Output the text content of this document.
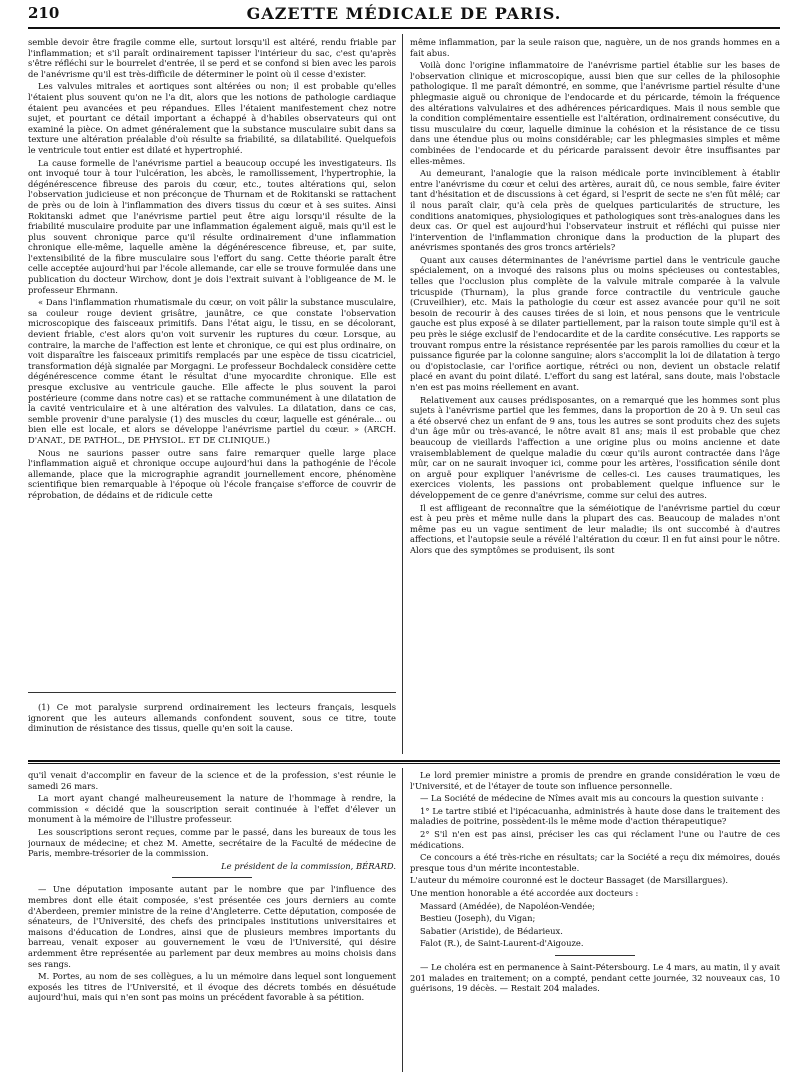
210	GAZETTE MÉDICALE DE PARIS.

semble devoir être fragile comme elle, surtout lorsqu'il est altéré, rendu friable par l'inflammation; et s'il paraît ordinairement tapisser l'intérieur du sac, c'est qu'après s'être réfléchi sur le bourrelet d'entrée, il se perd et se confond si bien avec les parois de l'anévrisme qu'il est très-difficile de déterminer le point où il cesse d'exister.

Les valvules mitrales et aortiques sont altérées ou non; il est probable qu'elles l'étaient plus souvent qu'on ne l'a dit, alors que les notions de pathologie cardiaque étaient peu avancées et peu répandues. Elles l'étaient manifestement chez notre sujet, et pourtant ce détail important a échappé à d'habiles observateurs qui ont examiné la pièce. On admet généralement que la substance musculaire subit dans sa texture une altération préalable d'où résulte sa friabilité, sa dilatabilité. Quelquefois le ventricule tout entier est dilaté et hypertrophié.

La cause formelle de l'anévrisme partiel a beaucoup occupé les investigateurs. Ils ont invoqué tour à tour l'ulcération, les abcès, le ramollissement, l'hypertrophie, la dégénérescence fibreuse des parois du cœur, etc., toutes altérations qui, selon l'observation judicieuse et non préconçue de Thurnam et de Rokitanski se rattachent de près ou de loin à l'inflammation des divers tissus du cœur et à ses suites. Ainsi Rokitanski admet que l'anévrisme partiel peut être aigu lorsqu'il résulte de la friabilité musculaire produite par une inflammation également aiguë, mais qu'il est le plus souvent chronique parce qu'il résulte ordinairement d'une inflammation chronique elle-même, laquelle amène la dégénérescence fibreuse, et, par suite, l'extensibilité de la fibre musculaire sous l'effort du sang. Cette théorie paraît être celle acceptée aujourd'hui par l'école allemande, car elle se trouve formulée dans une publication du docteur Wirchow, dont je dois l'extrait suivant à l'obligeance de M. le professeur Ehrmann.

« Dans l'inflammation rhumatismale du cœur, on voit pâlir la substance musculaire, sa couleur rouge devient grisâtre, jaunâtre, ce que constate l'observation microscopique des faisceaux primitifs. Dans l'état aigu, le tissu, en se décolorant, devient friable, c'est alors qu'on voit survenir les ruptures du cœur. Lorsque, au contraire, la marche de l'affection est lente et chronique, ce qui est plus ordinaire, on voit disparaître les faisceaux primitifs remplacés par une espèce de tissu cicatriciel, transformation déjà signalée par Morgagni. Le professeur Bochdaleck considère cette dégénérescence comme étant le résultat d'une myocardite chronique. Elle est presque exclusive au ventricule gauche. Elle affecte le plus souvent la paroi postérieure (comme dans notre cas) et se rattache communément à une dilatation de la cavité ventriculaire et à une altération des valvules. La dilatation, dans ce cas, semble provenir d'une paralysie (1) des muscles du cœur, laquelle est générale... ou bien elle est locale, et alors se développe l'anévrisme partiel du cœur. » (ARCH. D'ANAT., DE PATHOL., DE PHYSIOL. ET DE CLINIQUE.)

Nous ne saurions passer outre sans faire remarquer quelle large place l'inflammation aiguë et chronique occupe aujourd'hui dans la pathogénie de l'école allemande, place que la micrographie agrandit journellement encore, phénomène scientifique bien remarquable à l'époque où l'école française s'efforce de couvrir de réprobation, de dédains et de ridicule cette

(1) Ce mot paralysie surprend ordinairement les lecteurs français, lesquels ignorent que les auteurs allemands confondent souvent, sous ce titre, toute diminution de résistance des tissus, quelle qu'en soit la cause.

même inflammation, par la seule raison que, naguère, un de nos grands hommes en a fait abus.

Voilà donc l'origine inflammatoire de l'anévrisme partiel établie sur les bases de l'observation clinique et microscopique, aussi bien que sur celles de la philosophie pathologique. Il me paraît démontré, en somme, que l'anévrisme partiel résulte d'une phlegmasie aiguë ou chronique de l'endocarde et du péricarde, témoin la fréquence des altérations valvulaires et des adhérences péricardiques. Mais il nous semble que la condition complémentaire essentielle est l'altération, ordinairement consécutive, du tissu musculaire du cœur, laquelle diminue la cohésion et la résistance de ce tissu dans une étendue plus ou moins considérable; car les phlegmasies simples et même combinées de l'endocarde et du péricarde paraissent devoir être insuffisantes par elles-mêmes.

Au demeurant, l'analogie que la raison médicale porte invinciblement à établir entre l'anévrisme du cœur et celui des artères, aurait dû, ce nous semble, faire éviter tant d'hésitation et de discussions à cet égard, si l'esprit de secte ne s'en fût mêlé; car il nous paraît clair, qu'à cela près de quelques particularités de structure, les conditions anatomiques, physiologiques et pathologiques sont très-analogues dans les deux cas. Or quel est aujourd'hui l'observateur instruit et réfléchi qui puisse nier l'intervention de l'inflammation chronique dans la production de la plupart des anévrismes spontanés des gros troncs artériels?

Quant aux causes déterminantes de l'anévrisme partiel dans le ventricule gauche spécialement, on a invoqué des raisons plus ou moins spécieuses ou contestables, telles que l'occlusion plus complète de la valvule mitrale comparée à la valvule tricuspide (Thurnam), la plus grande force contractile du ventricule gauche (Cruveilhier), etc. Mais la pathologie du cœur est assez avancée pour qu'il ne soit besoin de recourir à des causes tirées de si loin, et nous pensons que le ventricule gauche est plus exposé à se dilater partiellement, par la raison toute simple qu'il est à peu près le siége exclusif de l'endocardite et de la cardite consécutive. Les rapports se trouvant rompus entre la résistance représentée par les parois ramollies du cœur et la puissance figurée par la colonne sanguine; alors s'accomplit la loi de dilatation à tergo ou d'opistoclasie, car l'orifice aortique, rétréci ou non, devient un obstacle relatif placé en avant du point dilaté. L'effort du sang est latéral, sans doute, mais l'obstacle n'en est pas moins réellement en avant.

Relativement aux causes prédisposantes, on a remarqué que les hommes sont plus sujets à l'anévrisme partiel que les femmes, dans la proportion de 20 à 9. Un seul cas a été observé chez un enfant de 9 ans, tous les autres se sont produits chez des sujets d'un âge mûr ou très-avancé, le nôtre avait 81 ans; mais il est probable que chez beaucoup de vieillards l'affection a une origine plus ou moins ancienne et date vraisemblablement de quelque maladie du cœur qu'ils auront contractée dans l'âge mûr, car on ne saurait invoquer ici, comme pour les artères, l'ossification sénile dont on arguë pour expliquer l'anévrisme de celles-ci. Les causes traumatiques, les exercices violents, les passions ont probablement quelque influence sur le développement de ce genre d'anévrisme, comme sur celui des autres.

Il est affligeant de reconnaître que la séméiotique de l'anévrisme partiel du cœur est à peu près et même nulle dans la plupart des cas. Beaucoup de malades n'ont même pas eu un vague sentiment de leur maladie; ils ont succombé à d'autres affections, et l'autopsie seule a révélé l'altération du cœur. Il en fut ainsi pour le nôtre. Alors que des symptômes se produisent, ils sont

qu'il venait d'accomplir en faveur de la science et de la profession, s'est réunie le samedi 26 mars.

La mort ayant changé malheureusement la nature de l'hommage à rendre, la commission « décidé que la souscription serait continuée à l'effet d'élever un monument à la mémoire de l'illustre professeur.

Les souscriptions seront reçues, comme par le passé, dans les bureaux de tous les journaux de médecine; et chez M. Amette, secrétaire de la Faculté de médecine de Paris, membre-trésorier de la commission.

Le président de la commission, BÉRARD.

— Une députation imposante autant par le nombre que par l'influence des membres dont elle était composée, s'est présentée ces jours derniers au comte d'Aberdeen, premier ministre de la reine d'Angleterre. Cette députation, composée de sénateurs, de l'Université, des chefs des principales institutions universitaires et maisons d'éducation de Londres, ainsi que de plusieurs membres importants du barreau, venait exposer au gouvernement le vœu de l'Université, qui désire ardemment être représentée au parlement par deux membres au moins choisis dans ses rangs.

M. Portes, au nom de ses collègues, a lu un mémoire dans lequel sont longuement exposés les titres de l'Université, et il évoque des décrets tombés en désuétude aujourd'hui, mais qui n'en sont pas moins un précédent favorable à sa pétition.

Le lord premier ministre a promis de prendre en grande considération le vœu de l'Université, et de l'étayer de toute son influence personnelle.

— La Société de médecine de Nîmes avait mis au concours la question suivante :

1° Le tartre stibié et l'ipécacuanha, administrés à haute dose dans le traitement des maladies de poitrine, possèdent-ils le même mode d'action thérapeutique?

2° S'il n'en est pas ainsi, préciser les cas qui réclament l'une ou l'autre de ces médications.

Ce concours a été très-riche en résultats; car la Société a reçu dix mémoires, doués presque tous d'un mérite incontestable.

L'auteur du mémoire couronné est le docteur Bassaget (de Marsillargues).

Une mention honorable a été accordée aux docteurs :

Massard (Amédée), de Napoléon-Vendée;

Bestieu (Joseph), du Vigan;

Sabatier (Aristide), de Bédarieux.

Falot (R.), de Saint-Laurent-d'Aigouze.

— Le choléra est en permanence à Saint-Pétersbourg. Le 4 mars, au matin, il y avait 201 malades en traitement; on a compté, pendant cette journée, 32 nouveaux cas, 10 guérisons, 19 décès. — Restait 204 malades.
